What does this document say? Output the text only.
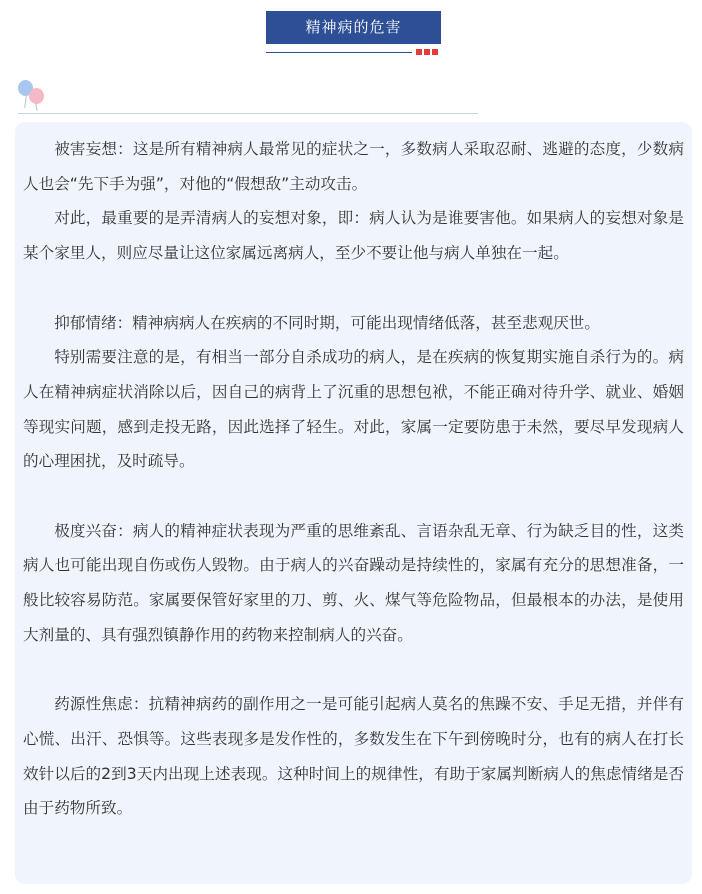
精神病的危害

被害妄想：这是所有精神病人最常见的症状之一，多数病人采取忍耐、逃避的态度，少数病人也会“先下手为强”，对他的“假想敌”主动攻击。

对此，最重要的是弄清病人的妄想对象，即：病人认为是谁要害他。如果病人的妄想对象是某个家里人，则应尽量让这位家属远离病人，至少不要让他与病人单独在一起。

抑郁情绪：精神病病人在疾病的不同时期，可能出现情绪低落，甚至悲观厌世。

特别需要注意的是，有相当一部分自杀成功的病人，是在疾病的恢复期实施自杀行为的。病人在精神病症状消除以后，因自己的病背上了沉重的思想包袱，不能正确对待升学、就业、婚姻等现实问题，感到走投无路，因此选择了轻生。对此，家属一定要防患于未然，要尽早发现病人的心理困扰，及时疏导。

极度兴奋：病人的精神症状表现为严重的思维紊乱、言语杂乱无章、行为缺乏目的性，这类病人也可能出现自伤或伤人毁物。由于病人的兴奋躁动是持续性的，家属有充分的思想准备，一般比较容易防范。家属要保管好家里的刀、剪、火、煤气等危险物品，但最根本的办法，是使用大剂量的、具有强烈镇静作用的药物来控制病人的兴奋。

药源性焦虑：抗精神病药的副作用之一是可能引起病人莫名的焦躁不安、手足无措，并伴有心慌、出汗、恐惧等。这些表现多是发作性的，多数发生在下午到傍晚时分，也有的病人在打长效针以后的2到3天内出现上述表现。这种时间上的规律性，有助于家属判断病人的焦虑情绪是否由于药物所致。
